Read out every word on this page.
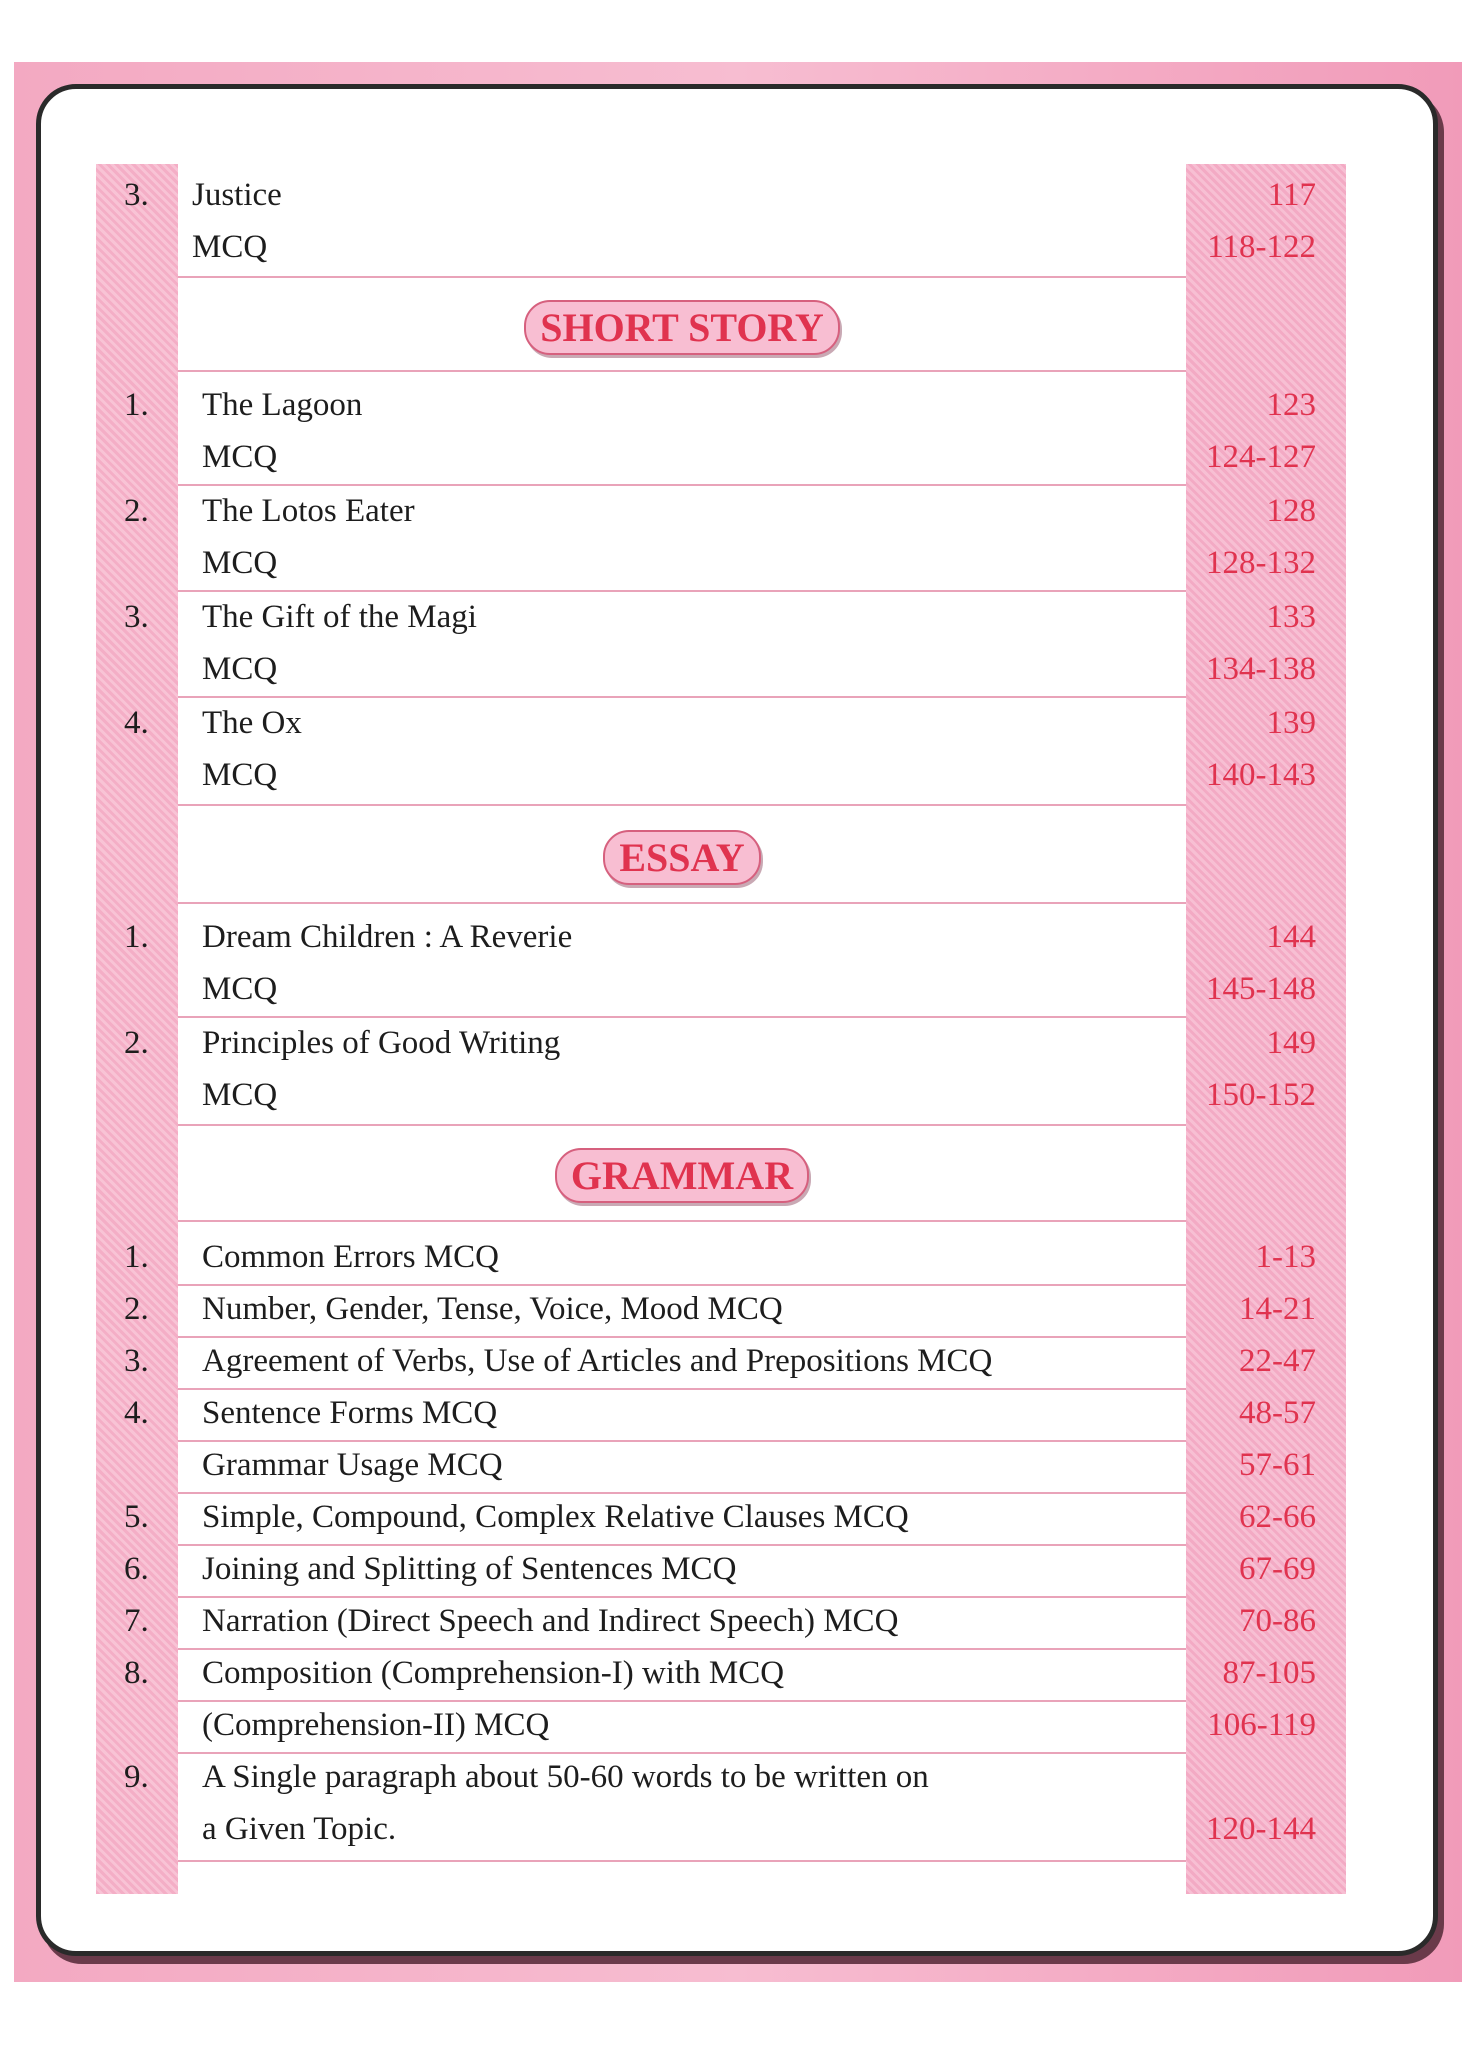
3.	Justice	117
MCQ	118-122
SHORT STORY
1.	The Lagoon	123
MCQ	124-127
2.	The Lotos Eater	128
MCQ	128-132
3.	The Gift of the Magi	133
MCQ	134-138
4.	The Ox	139
MCQ	140-143
ESSAY
1.	Dream Children : A Reverie	144
MCQ	145-148
2.	Principles of Good Writing	149
MCQ	150-152
GRAMMAR
1.	Common Errors MCQ	1-13
2.	Number, Gender, Tense, Voice, Mood MCQ	14-21
3.	Agreement of Verbs, Use of Articles and Prepositions MCQ	22-47
4.	Sentence Forms MCQ	48-57
Grammar Usage MCQ	57-61
5.	Simple, Compound, Complex Relative Clauses MCQ	62-66
6.	Joining and Splitting of Sentences MCQ	67-69
7.	Narration (Direct Speech and Indirect Speech) MCQ	70-86
8.	Composition (Comprehension-I) with MCQ	87-105
(Comprehension-II) MCQ	106-119
9.	A Single paragraph about 50-60 words to be written on
a Given Topic.	120-144
